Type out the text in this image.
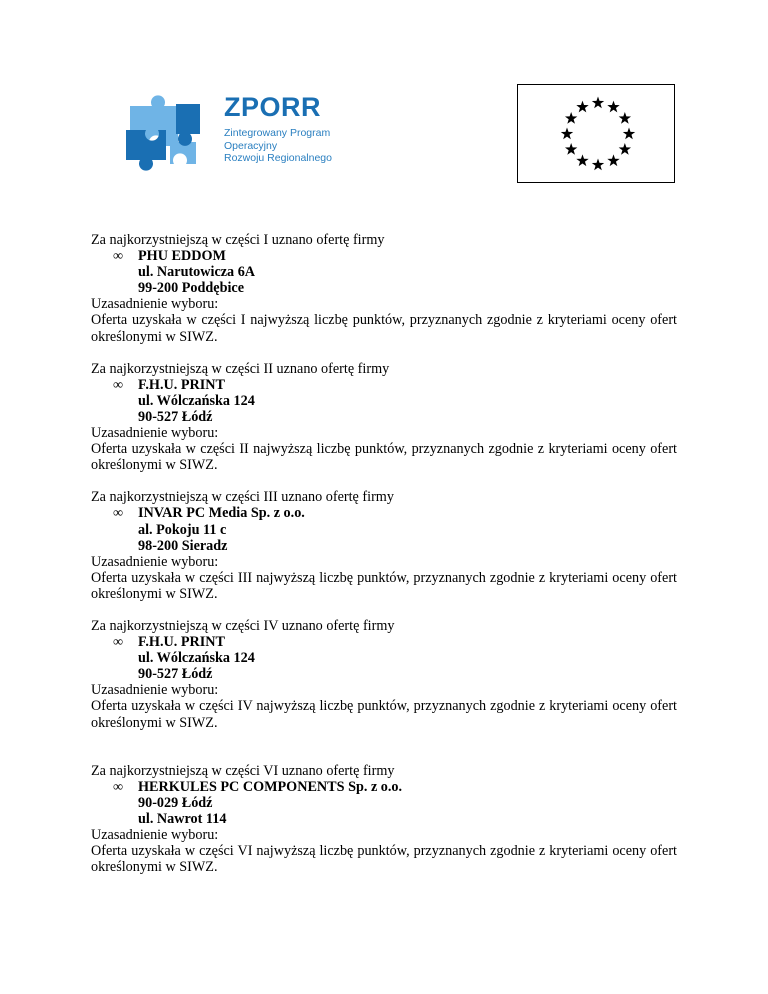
ZPORR
Zintegrowany Program
Operacyjny
Rozwoju Regionalnego
Za najkorzystniejszą w części I uznano ofertę firmy
∞	PHU EDDOM
ul. Narutowicza 6A
99-200 Poddębice
Uzasadnienie wyboru:
Oferta uzyskała w części I najwyższą liczbę punktów, przyznanych zgodnie z kryteriami oceny ofert określonymi w SIWZ.
Za najkorzystniejszą w części II uznano ofertę firmy
∞	F.H.U. PRINT
ul. Wólczańska 124
90-527 Łódź
Uzasadnienie wyboru:
Oferta uzyskała w części II najwyższą liczbę punktów, przyznanych zgodnie z kryteriami oceny ofert określonymi w SIWZ.
Za najkorzystniejszą w części III uznano ofertę firmy
∞	INVAR PC Media Sp. z o.o.
al. Pokoju 11 c
98-200 Sieradz
Uzasadnienie wyboru:
Oferta uzyskała w części III najwyższą liczbę punktów, przyznanych zgodnie z kryteriami oceny ofert określonymi w SIWZ.
Za najkorzystniejszą w części IV uznano ofertę firmy
∞	F.H.U. PRINT
ul. Wólczańska 124
90-527 Łódź
Uzasadnienie wyboru:
Oferta uzyskała w części IV najwyższą liczbę punktów, przyznanych zgodnie z kryteriami oceny ofert określonymi w SIWZ.
Za najkorzystniejszą w części VI uznano ofertę firmy
∞	HERKULES PC COMPONENTS Sp. z o.o.
90-029 Łódź
ul. Nawrot 114
Uzasadnienie wyboru:
Oferta uzyskała w części VI najwyższą liczbę punktów, przyznanych zgodnie z kryteriami oceny ofert określonymi w SIWZ.
